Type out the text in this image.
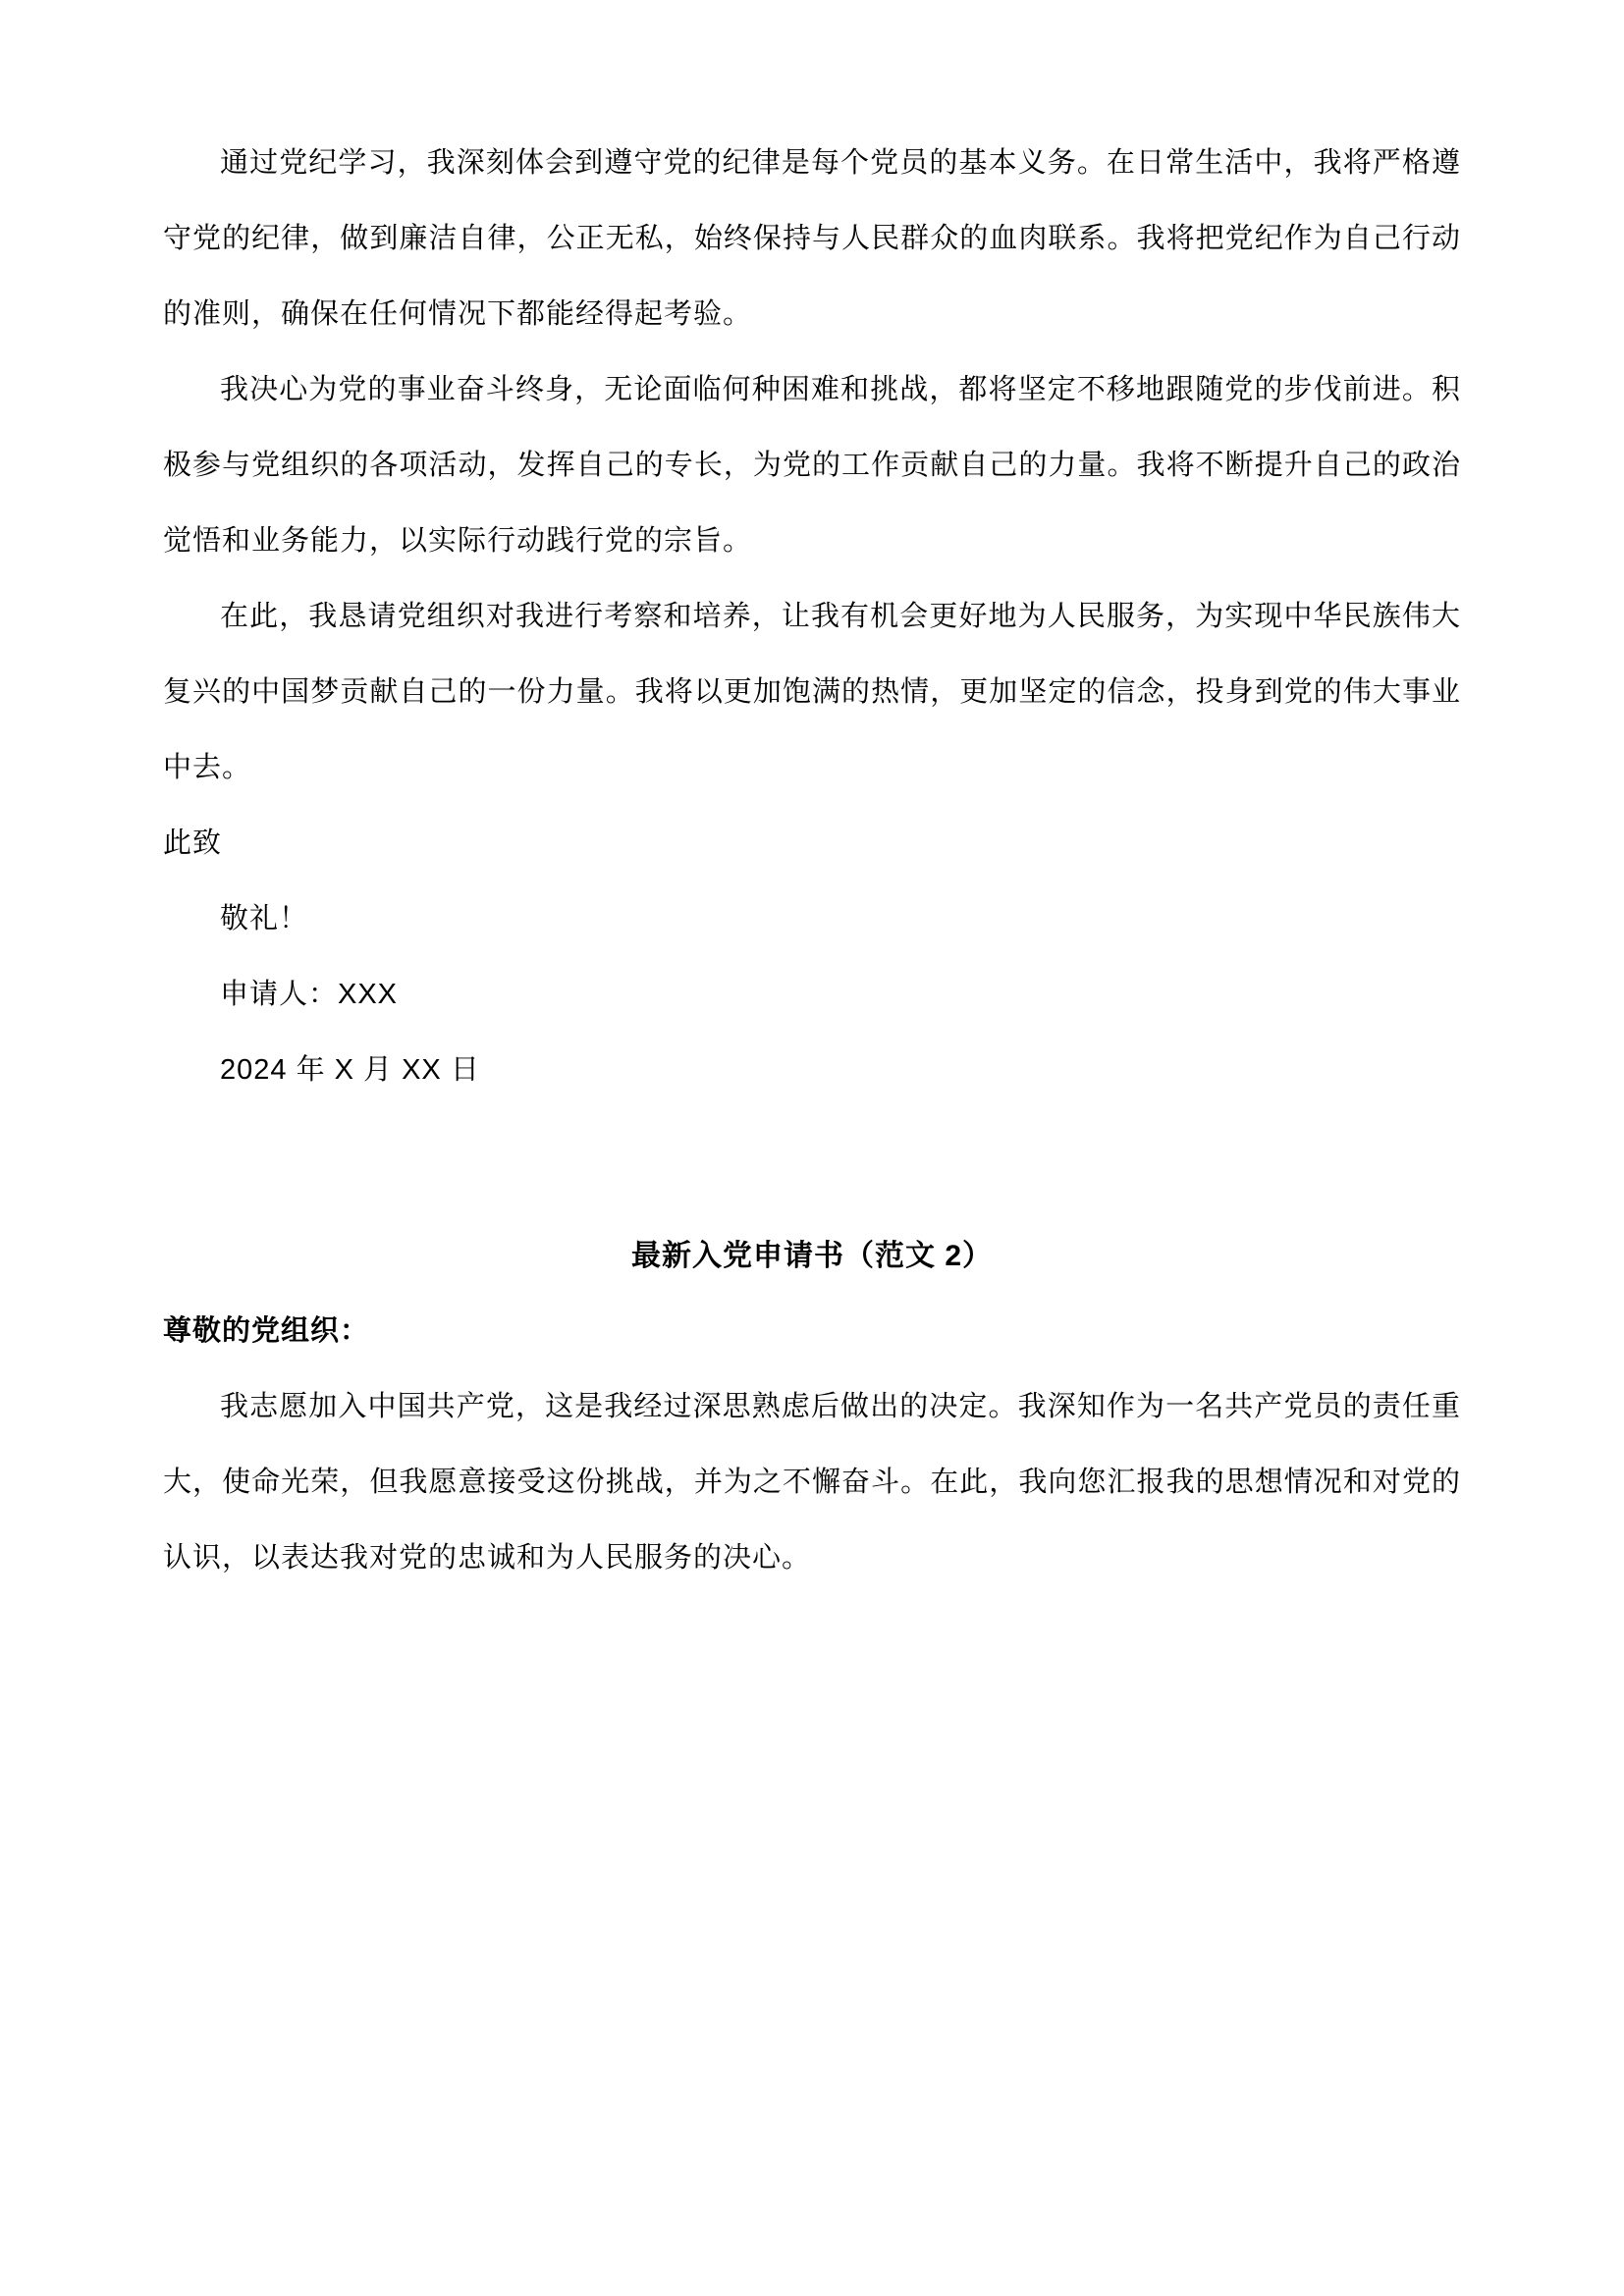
通过党纪学习，我深刻体会到遵守党的纪律是每个党员的基本义务。在日常生活中，我将严格遵守党的纪律，做到廉洁自律，公正无私，始终保持与人民群众的血肉联系。我将把党纪作为自己行动的准则，确保在任何情况下都能经得起考验。

我决心为党的事业奋斗终身，无论面临何种困难和挑战，都将坚定不移地跟随党的步伐前进。积极参与党组织的各项活动，发挥自己的专长，为党的工作贡献自己的力量。我将不断提升自己的政治觉悟和业务能力，以实际行动践行党的宗旨。

在此，我恳请党组织对我进行考察和培养，让我有机会更好地为人民服务，为实现中华民族伟大复兴的中国梦贡献自己的一份力量。我将以更加饱满的热情，更加坚定的信念，投身到党的伟大事业中去。

此致

敬礼！

申请人：XXX

2024 年 X 月 XX 日

最新入党申请书（范文 2）

尊敬的党组织：

我志愿加入中国共产党，这是我经过深思熟虑后做出的决定。我深知作为一名共产党员的责任重大，使命光荣，但我愿意接受这份挑战，并为之不懈奋斗。在此，我向您汇报我的思想情况和对党的认识，以表达我对党的忠诚和为人民服务的决心。
